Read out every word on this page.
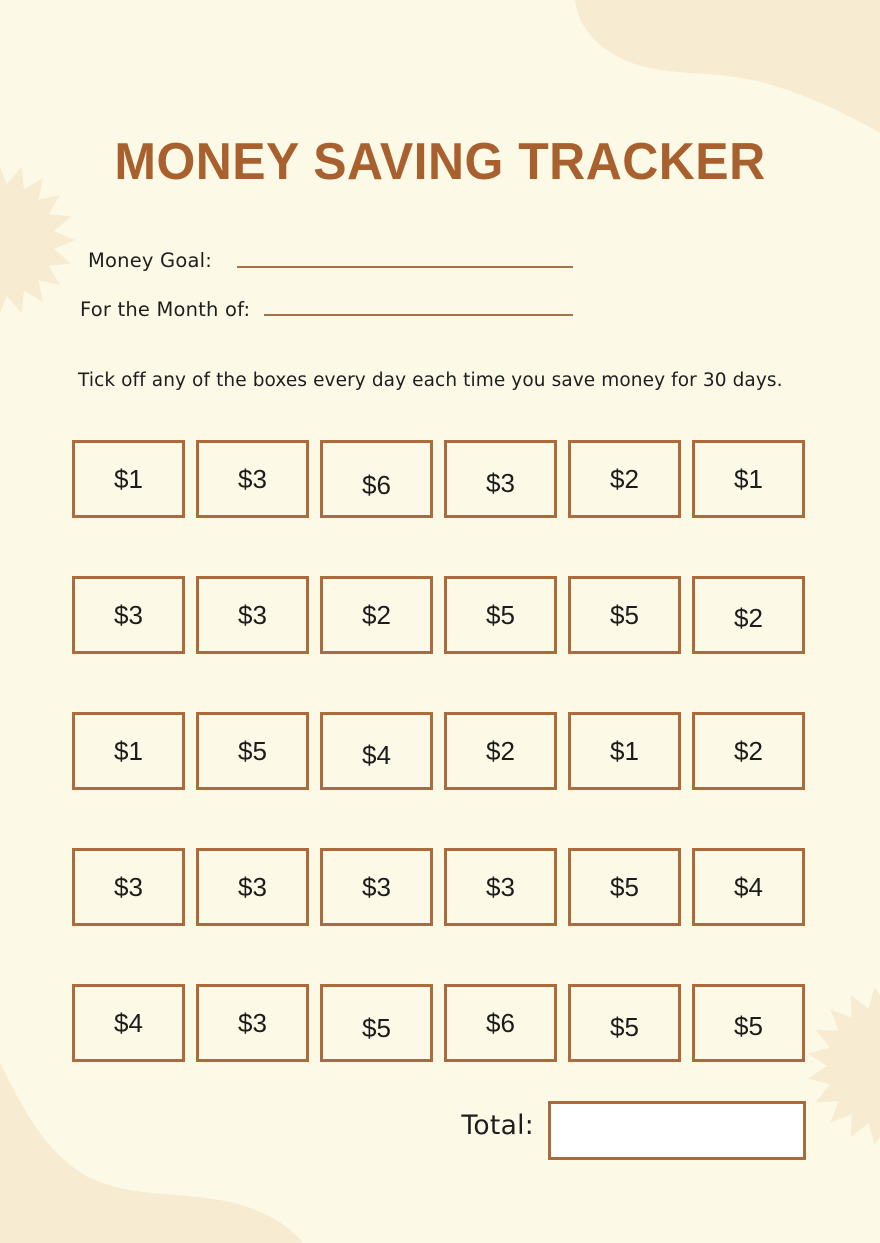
MONEY SAVING TRACKER
Money Goal:
For the Month of:
Tick off any of the boxes every day each time you save money for 30 days.
$1	$3	$6	$3	$2	$1
$3	$3	$2	$5	$5	$2
$1	$5	$4	$2	$1	$2
$3	$3	$3	$3	$5	$4
$4	$3	$5	$6	$5	$5
Total:
